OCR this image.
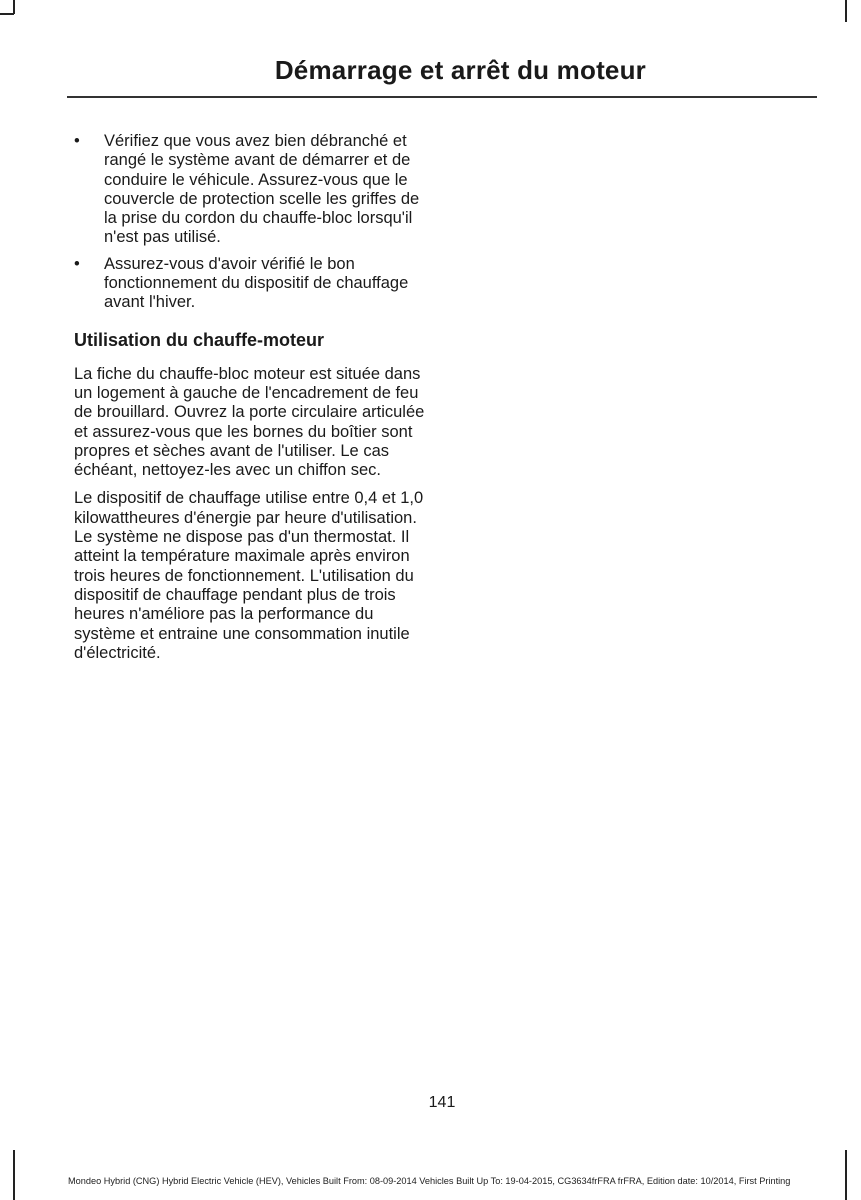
Démarrage et arrêt du moteur
•	Vérifiez que vous avez bien débranché et rangé le système avant de démarrer et de conduire le véhicule. Assurez-vous que le couvercle de protection scelle les griffes de la prise du cordon du chauffe-bloc lorsqu'il n'est pas utilisé.
•	Assurez-vous d'avoir vérifié le bon fonctionnement du dispositif de chauffage avant l'hiver.
Utilisation du chauffe-moteur

La fiche du chauffe-bloc moteur est située dans un logement à gauche de l'encadrement de feu de brouillard. Ouvrez la porte circulaire articulée et assurez-vous que les bornes du boîtier sont propres et sèches avant de l'utiliser. Le cas échéant, nettoyez-les avec un chiffon sec.

Le dispositif de chauffage utilise entre 0,4 et 1,0 kilowattheures d'énergie par heure d'utilisation. Le système ne dispose pas d'un thermostat. Il atteint la température maximale après environ trois heures de fonctionnement. L'utilisation du dispositif de chauffage pendant plus de trois heures n'améliore pas la performance du système et entraine une consommation inutile d'électricité.

141
Mondeo Hybrid (CNG) Hybrid Electric Vehicle (HEV), Vehicles Built From: 08-09-2014 Vehicles Built Up To: 19-04-2015, CG3634frFRA frFRA, Edition date: 10/2014, First Printing
